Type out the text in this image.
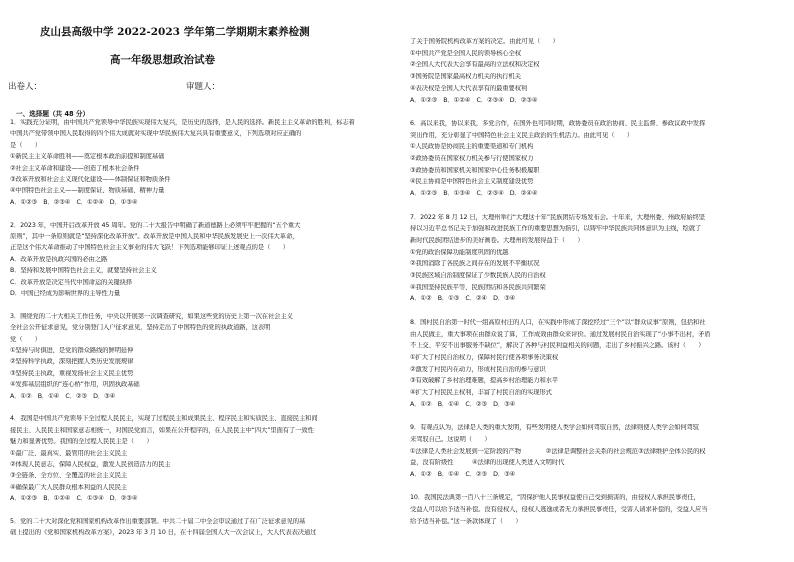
皮山县高级中学 2022-2023 学年第二学期期末素养检测
高一年级思想政治试卷
出卷人：	审题人：
一、选择题（共 48 分）
1．实践充分证明，由中国共产党领导中华民族实现伟大复兴，是历史的选择，是人民的选择。新民主主义革命的胜利，标志着
中国共产党带领中国人民取得的四个伟大成就对实现中华民族伟大复兴具有重要意义，下列选项对应正确的
是（　　）
①新民主主义革命胜利——奠定根本政治前提和制度基础
②社会主义革命和建设——创造了根本社会条件
③改革开放和社会主义现代化建设——体制保证和物质条件
④中国特色社会主义——制度保证、物质基础、精神力量
A．①②③　B．②③④　C．①②④　D．①③④
2．2023 年，中国开启改革开放 45 周年。党的二十大报告中明确了新道德路上必须牢牢把握的“五个重大
原则”，其中一条原则就是“坚持深化改革开放”。改革开放是中国人民和中华民族发展史上一次伟大革命，
正是这个伟大革命推动了中国特色社会主义事业的伟大飞跃！下列选项能够印证上述观点的是（　　）
A．改革开放是执政兴国的必由之路
B．坚持和发展中国特色社会主义，就要坚持社会主义
C．改革开放是决定当代中国命运的关键抉择
D．中国已经成为影响世界的主导性力量
3．围绕党的二十大相关工作任务，中央以开展第一次调查研究，如果这些党的历史上第一次在社会主义
全社会公开征求意见，党分别登门入户征求意见，坚持走出了中国特色的党的执政道路，这表明
党（　　）
①坚持与时俱进，是党的群众路线的鲜明延伸
②坚持科学执政，深刻把握人类历史发展规律
③坚持民主执政，重视发扬社会主义民主优势
④发挥基层组织的“连心桥”作用，巩固执政基础
A．①②　B．①④　C．②③　D．③④
4．我国是中国共产党领导下全过程人民民主，实现了过程民主和成果民主、程序民主和实质民主、直接民主和间
接民主、人民民主和国家意志相统一，对国民党而言，如果在公开程序的，在人民民主中“四大”里面有了一致性
魅力和显著优势。我国的全过程人民民主是（　　）
①最广泛、最真实、最管用的社会主义民主
②体现人民意志，保障人民权益，激发人民创造活力的民主
③全链条、全方位、全覆盖的社会主义民主
④确保最广大人民群众根本利益的人民民主
A．①②③　B．①②④　C．①③④　D．②③④
5．党的二十大对深化党和国家机构改革作出重要部署。中共二十届二中全会审议通过了在广泛征求意见的基
础上提出的《党和国家机构改革方案》，2023 年 3 月 10 日，在十四届全国人大一次会议上，大人代表表决通过
了关于国务院机构改革方案的决定。由此可见（　　）
①中国共产党是全国人民的领导核心全权
②全国人大代表大会享有最高的立法权和决定权
③国务院是国家最高权力机关的执行机关
④表决权是全国人大代表享有的最重要权利
A．①②③　B．①②④　C．②③④　D．②③④
6．高以来我，协以来我，多党合作，在国外也可同时期，政协委员在政治协商、民主监督、参政议政中发挥
突出作用，充分彰显了中国特色社会主义民主政治的生机活力。由此可见（　　）
①人民政协是协商民主的重要渠道和专门机构
②政协委员在国家权力机关参与行使国家权力
③政协委员和国家机关和国家中心任务积极履职
④民主协商是中国特色社会主义制度建设优势
A．①②③　B．①③④　C．②③④　D．②④④
7．2022 年 8 月 12 日，大理州举行“大理这十年”民族团结专场发布会。十年来，大理州委、州政府始终坚
持以习近平总书记关于加强和改进民族工作的重要思想为指引，以铸牢中华民族共同体意识为主线，绘就了
新时代民族团结进步的美好画卷。大理州的发展得益于（　　）
①党的政治保障功能制度巩固的优越
②我国消除了各民族之间存在的发展不平衡状况
③民族区域自治制度保证了少数民族人民的自治权
④我国坚持民族平等、民族团结和各民族共同繁荣
A．①②　B．①③　C．②④　D．③④
8．国村民自治第一时代一组高原村庄的人口，在实践中形成了深挖经过“三个”以“群众议事”原则，包括和社
由人民做主，重大事项在由群众说了算，工作成效由群众来评价。通过发展村民自治实现了“小事不出村，矛盾
不上交、平安不出事服务不缺位”，解决了各种与村民利益相关的问题，走出了乡村振兴之路。该村（　　）
①扩大了村民自治权力，保障村民行使各项事务决策权
②激发了村民内在动力，形成村民自治的参与意识
③有效破解了乡村治理难题，提高乡村治理能力和水平
④扩大了村民民主权利，丰富了村民自治的实现形式
A．①②　B．①④　C．②③　D．③④
9．有观点认为，法律是人类的重大发明，有些发明使人类学会如何驾驭自然，法律则使人类学会如何驾驭
来驾驭自己。这说明（　　）
①法律是人类社会发展到一定阶段的产物　　　　②法律是调整社会关系的社会规范③法律维护全体公民的权
益，没有阶级性　　　④法律的出现使人类进入文明时代
A．①②　B．①④　C．②③　D．③④
10．我国民法典第一百八十三条规定，“因保护他人民事权益使自己受到损害的，由侵权人承担民事责任，
受益人可以给予适当补偿。没有侵权人，侵权人逃逸或者无力承担民事责任，受害人请求补偿的，受益人应当
给予适当补偿。”这一条款体现了（　　）
